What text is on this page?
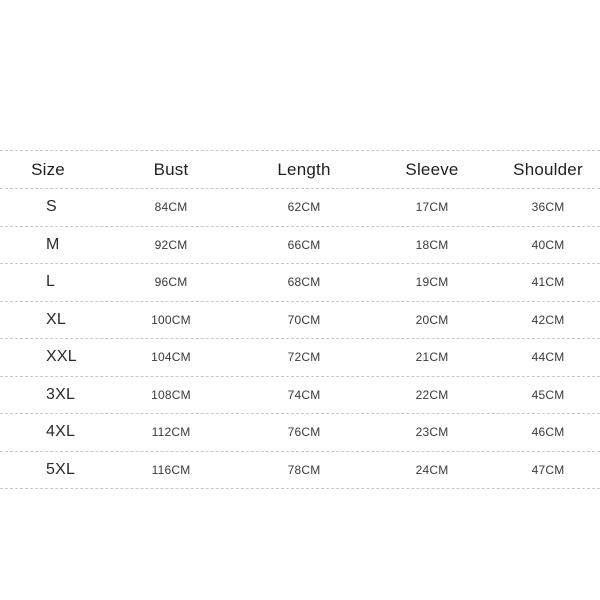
Size	Bust	Length	Sleeve	Shoulder
S	84CM	62CM	17CM	36CM
M	92CM	66CM	18CM	40CM
L	96CM	68CM	19CM	41CM
XL	100CM	70CM	20CM	42CM
XXL	104CM	72CM	21CM	44CM
3XL	108CM	74CM	22CM	45CM
4XL	112CM	76CM	23CM	46CM
5XL	116CM	78CM	24CM	47CM
